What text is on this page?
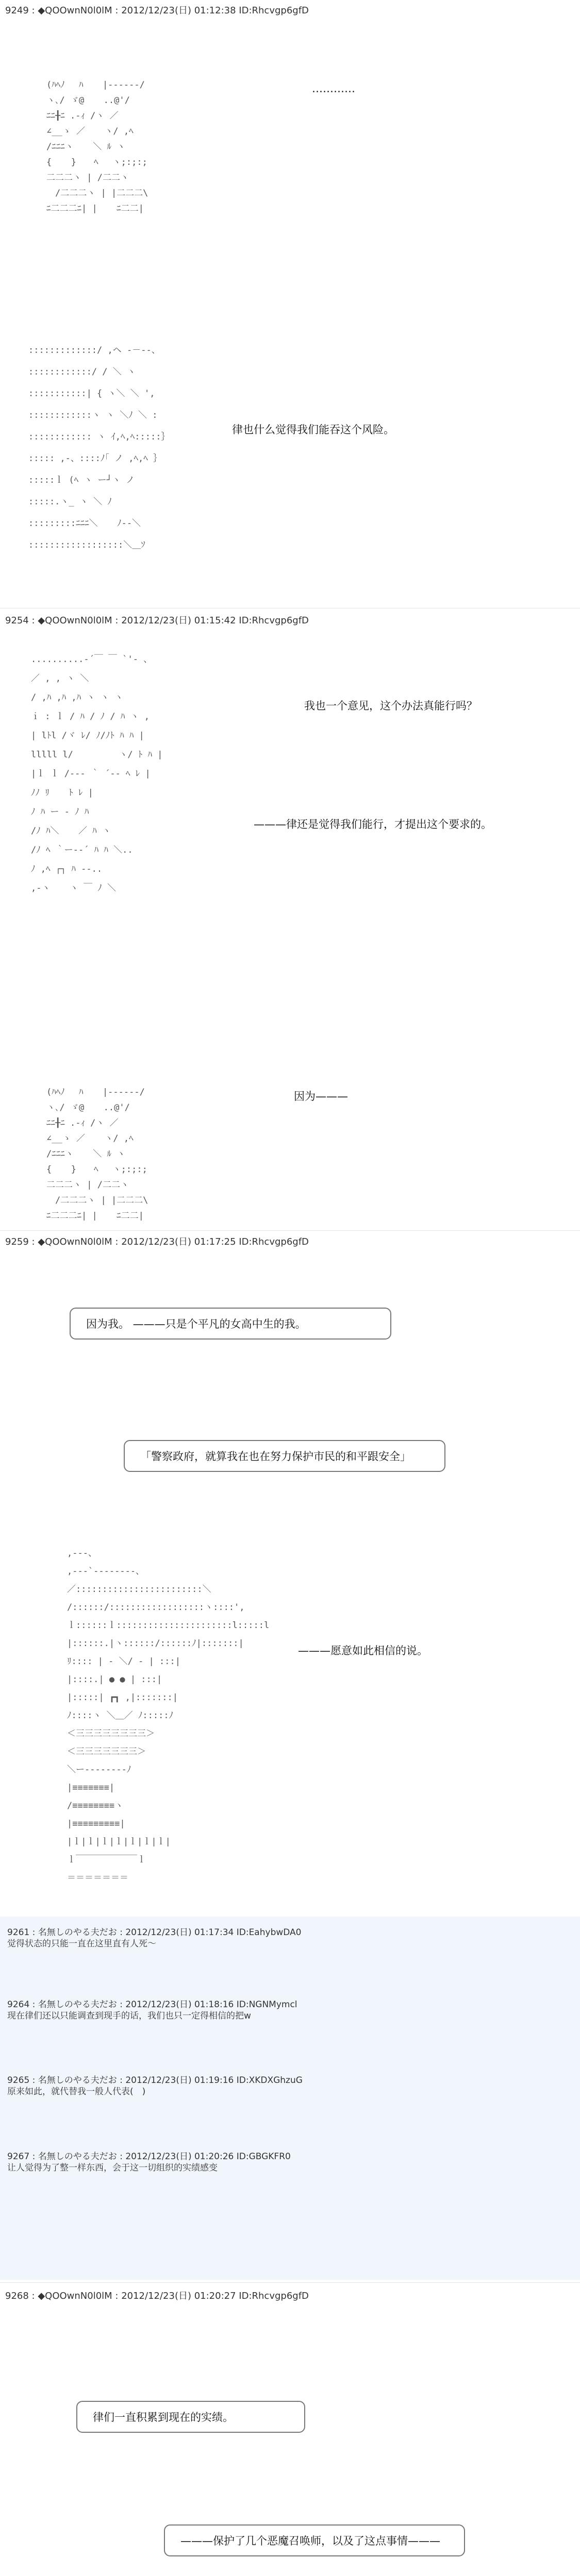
9249 : ◆QOOwnN0l0lM : 2012/12/23(日) 01:12:38 ID:Rhcvgp6gfD
(ﾊﾍﾉ 　ﾊ 　 |------/
ヽ､/ ゞ@ 　 ..@'/
ﾆﾆ╂ﾆ .-ｨ /ヽ ／
∠__ゝ ／ 　 ヽ/ ,ﾍ
/ﾆﾆﾆヽ 　 ＼ ﾙ ヽ
{ 　 }　　ﾍ　 ヽ;:;:;
二二二ヽ | /二二ヽ
　/二二二ヽ | |二二二\
ﾆ二二二ﾆ| | 　 ﾆ二二|
…………
:::::::::::::/ ,ヘ ‐－‐-、
::::::::::::/ / ＼ ヽ
:::::::::::| { ヽ＼ ＼ ',
::::::::::::ヽ ヽ ＼ﾉ ＼ :
:::::::::::: ヽ ｲ,ﾍ,ﾍ:::::｝
::::: ,‐、::::ﾉ｢ ノ ,ﾍ,ﾍ ｝
:::::ｌ (ﾍ ヽ ー┘ヽ ノ
:::::.ヽ_ ヽ ＼ ﾉ
:::::::::ﾆﾆﾆ＼ 　 ﾉ-‐＼
::::::::::::::::::＼＿ｿ
律也什么觉得我们能吞这个风险。
9254 : ◆QOOwnN0l0lM : 2012/12/23(日) 01:15:42 ID:Rhcvgp6gfD
..........‐´￣ ￣ `'‐ 、
／ , , ヽ ＼
/ ,ﾊ ,ﾊ ,ﾊ ヽ ヽ ヽ
ｉ : ｌ / ﾊ / ﾉ / ﾊ ヽ ,
| lﾄl /ヾ ﾚ/ ﾉ/ﾉﾄ ﾊ ﾊ |
lllll l/ 　　　　 ヽ/ ﾄ ﾊ |
|ｌ ｌ /--‐ ｀ ´‐‐ ﾍ ﾚ |
ﾉﾉ ﾘ 　 ﾄ ﾚ |
ﾉ ﾊ ー ‐ ﾉ ﾊ
/ﾉ ﾊ＼ 　 ／ ﾊ ヽ
/ﾉ ﾍ ｀ー‐‐´ ﾊ ﾊ ＼..
ﾉ ,ﾍ ┌┐ ﾊ ‐‐..
,‐ヽ 　 ヽ ￣ ﾉ ＼
我也一个意见，这个办法真能行吗？
———律还是觉得我们能行，才提出这个要求的。
(ﾊﾍﾉ 　ﾊ 　 |------/
ヽ､/ ゞ@ 　 ..@'/
ﾆﾆ╂ﾆ .-ｨ /ヽ ／
∠__ゝ ／ 　 ヽ/ ,ﾍ
/ﾆﾆﾆヽ 　 ＼ ﾙ ヽ
{ 　 }　　ﾍ　 ヽ;:;:;
二二二ヽ | /二二ヽ
　/二二二ヽ | |二二二\
ﾆ二二二ﾆ| | 　 ﾆ二二|
因为———
9259 : ◆QOOwnN0l0lM : 2012/12/23(日) 01:17:25 ID:Rhcvgp6gfD
因为我。 ———只是个平凡的女高中生的我。
「警察政府，就算我在也在努力保护市民的和平跟安全」
,‐‐‐、
,‐‐‐`‐‐‐‐‐‐‐‐、
／::::::::::::::::::::::::＼
/::::::/::::::::::::::::::ヽ::::',
ｌ::::::ｌ::::::::::::::::::::::l:::::l
|::::::.|ヽ::::::/::::::ﾉ|:::::::|
ﾘ:::: | ‐ ＼/ ‐ | :::|
|::::.| ● ● | :::|
|:::::| ┏┓ ,|:::::::|
ﾉ::::ヽ ＼＿／ ﾉ:::::ﾉ
＜三三三三三三三三＞
＜三三三三三三三＞
＼ー‐‐‐‐‐‐‐‐ﾉ
|≡≡≡≡≡≡≡|
/≡≡≡≡≡≡≡≡ヽ
|≡≡≡≡≡≡≡≡≡|
|ｌ|ｌ|ｌ|ｌ|ｌ|ｌ|ｌ|
ｌ￣￣￣￣￣￣￣ｌ
＝＝＝＝＝＝＝
———愿意如此相信的说。
9261 : 名無しのやる夫だお : 2012/12/23(日) 01:17:34 ID:EahybwDA0
觉得状态的只能一直在这里直有人死～
9264 : 名無しのやる夫だお : 2012/12/23(日) 01:18:16 ID:NGNMymcl
现在律们还以只能调查到现手的话，我们也只一定得相信的把w
9265 : 名無しのやる夫だお : 2012/12/23(日) 01:19:16 ID:XKDXGhzuG
原来如此，就代替我一般人代表(　)
9267 : 名無しのやる夫だお : 2012/12/23(日) 01:20:26 ID:GBGKFR0
让人觉得为了整一样东西，会于这一切组织的实绩感变
9268 : ◆QOOwnN0l0lM : 2012/12/23(日) 01:20:27 ID:Rhcvgp6gfD
律们一直积累到现在的实绩。
———保护了几个恶魔召唤师，以及了这点事情———
